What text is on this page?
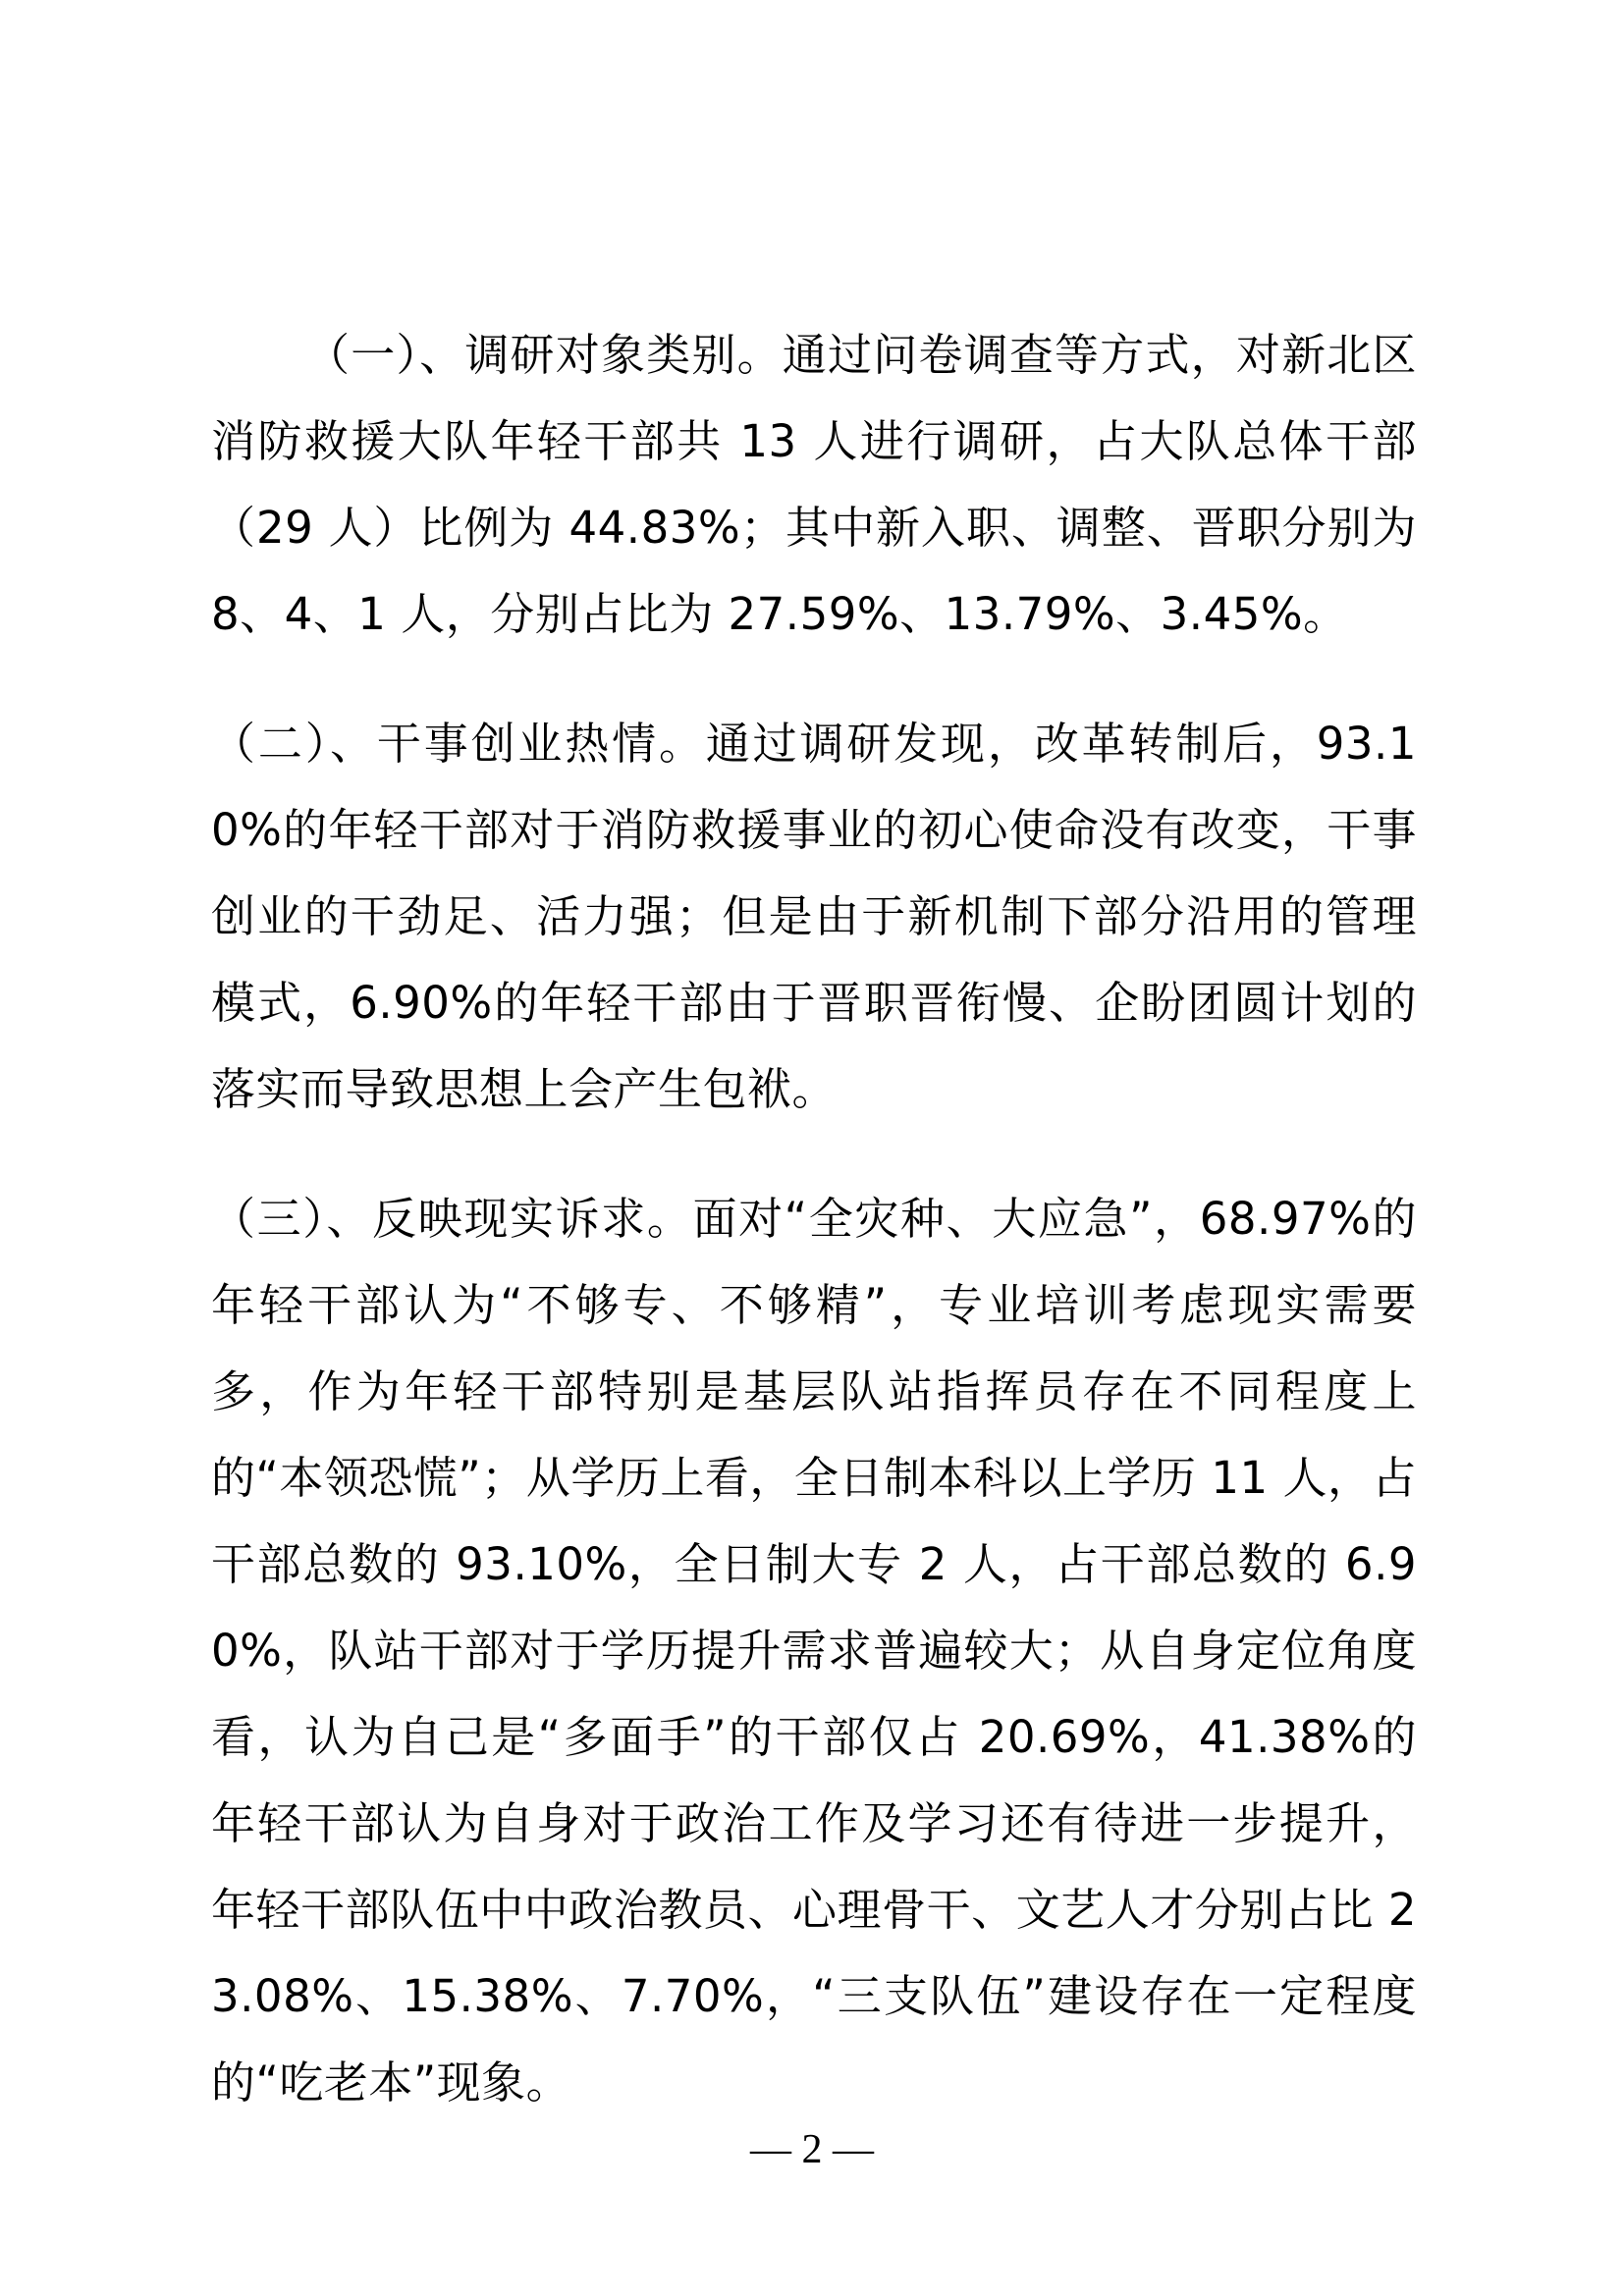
（一）、调研对象类别。通过问卷调查等方式，对新北区消防救援大队年轻干部共 13 人进行调研，占大队总体干部（29 人）比例为 44.83%；其中新入职、调整、晋职分别为 8、4、1 人，分别占比为 27.59%、13.79%、3.45%。

（二）、干事创业热情。通过调研发现，改革转制后，93.10%的年轻干部对于消防救援事业的初心使命没有改变，干事创业的干劲足、活力强；但是由于新机制下部分沿用的管理模式，6.90%的年轻干部由于晋职晋衔慢、企盼团圆计划的落实而导致思想上会产生包袱。

（三）、反映现实诉求。面对“全灾种、大应急”，68.97%的年轻干部认为“不够专、不够精”，专业培训考虑现实需要多，作为年轻干部特别是基层队站指挥员存在不同程度上的“本领恐慌”；从学历上看，全日制本科以上学历 11 人，占干部总数的 93.10%，全日制大专 2 人，占干部总数的 6.90%，队站干部对于学历提升需求普遍较大；从自身定位角度看，认为自己是“多面手”的干部仅占 20.69%，41.38%的年轻干部认为自身对于政治工作及学习还有待进一步提升，年轻干部队伍中中政治教员、心理骨干、文艺人才分别占比 23.08%、15.38%、7.70%，“三支队伍”建设存在一定程度的“吃老本”现象。

— 2 —
